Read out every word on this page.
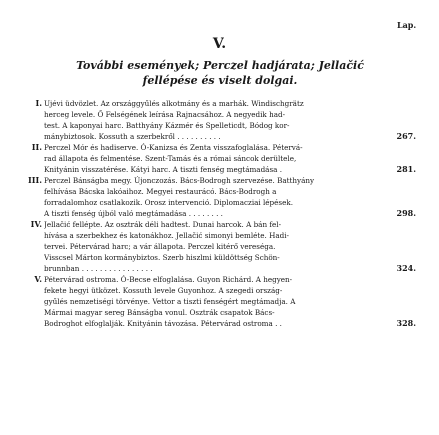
Lap.
V.
További események; Perczel hadjárata; Jellačić
fellépése és viselt dolgai.
I. Ujévi üdvözlet. Az országgyűlés alkotmány és a marhák. Windischgrätz
herceg levele. Ő Felségének leírása Rajnacsához. A negyedik had-
test. A kaponyai harc. Batthyány Kázmér és Spelleticdt, Bódog kor-
mánybiztosok. Kossuth a szerbekről . . . . . . . . . .	267.
II. Perczel Mór és hadiserve. Ó-Kanizsa és Zenta visszafoglalása. Pétervá-
rad állapota és felmentése. Szent-Tamás és a római sáncok derültele,
Knityánin visszatérése. Kátyi harc. A tiszti fenség megtámadása .	281.
III. Perczel Bánságba megy. Újonczozás. Bács-Bodrogh szervezése. Batthyány
felhívása Bácska lakóaihoz. Megyei restaurácó. Bács-Bodrogh a
forradalomhoz csatlakozik. Orosz intervenció. Diplomacziai lépések.
A tiszti fenség újból való megtámadása . . . . . . . .	298.
IV. Jellačić fellépte. Az osztrák déli hadtest. Dunai harcok. A bán fel-
hívása a szerbekhez és katonákhoz. Jellačić simonyi bemléte. Hadi-
tervei. Pétervárad harc; a vár állapota. Perczel kitérő vereséga.
Visscsel Márton kormánybiztos. Szerb hiszlmi küldöttség Schön-
brunnban . . . . . . . . . . . . . . . .	324.
V. Pétervárad ostroma. Ó-Becse elfoglalása. Guyon Richárd. A hegyen-
fekete hegyi ütközet. Kossuth levele Guyonhoz. A szegedi ország-
gyűlés nemzetiségi törvénye. Vettor a tiszti fenségért megtámadja. A
Mármai magyar sereg Bánságba vonul. Osztrák csapatok Bács-
Bodroghot elfoglalják. Knityánin távozása. Pétervárad ostroma . .	328.
